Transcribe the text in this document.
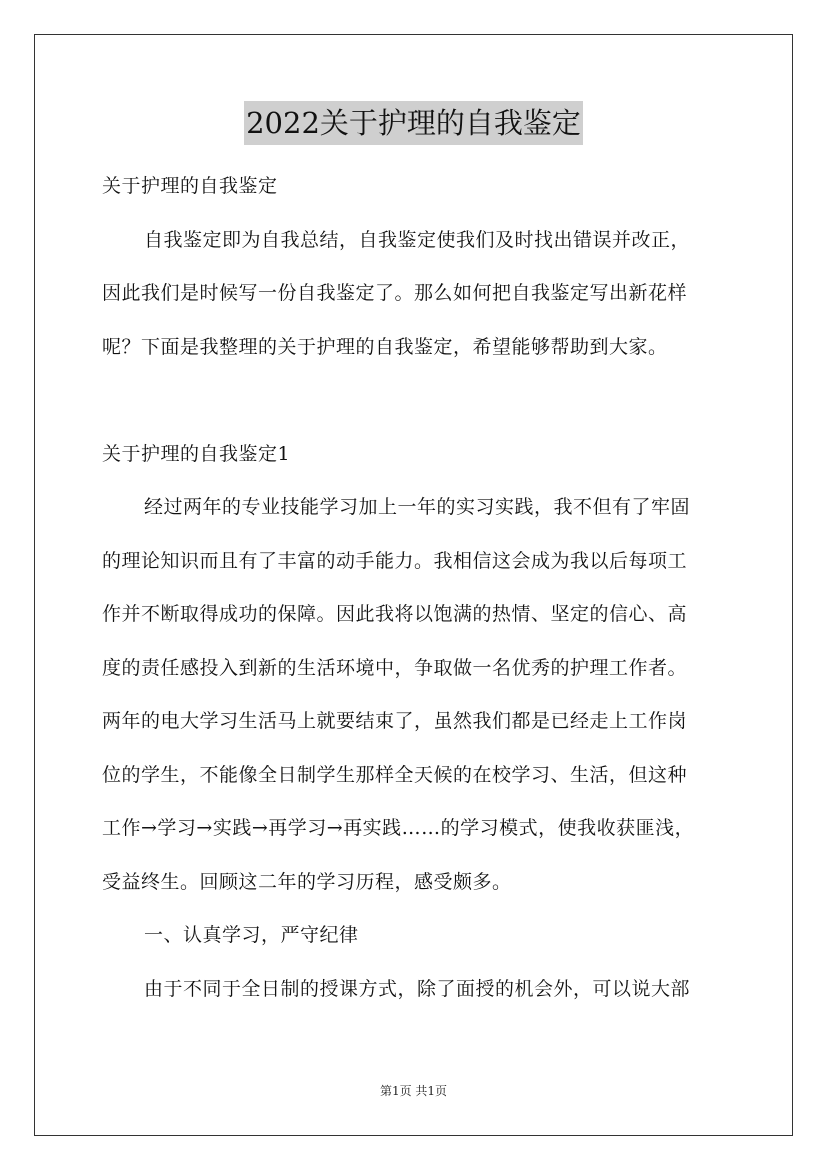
2022关于护理的自我鉴定
关于护理的自我鉴定
自我鉴定即为自我总结，自我鉴定使我们及时找出错误并改正，
因此我们是时候写一份自我鉴定了。那么如何把自我鉴定写出新花样
呢？下面是我整理的关于护理的自我鉴定，希望能够帮助到大家。
关于护理的自我鉴定1
经过两年的专业技能学习加上一年的实习实践，我不但有了牢固
的理论知识而且有了丰富的动手能力。我相信这会成为我以后每项工
作并不断取得成功的保障。因此我将以饱满的热情、坚定的信心、高
度的责任感投入到新的生活环境中，争取做一名优秀的护理工作者。
两年的电大学习生活马上就要结束了，虽然我们都是已经走上工作岗
位的学生，不能像全日制学生那样全天候的在校学习、生活，但这种
工作→学习→实践→再学习→再实践……的学习模式，使我收获匪浅，
受益终生。回顾这二年的学习历程，感受颇多。
一、认真学习，严守纪律
由于不同于全日制的授课方式，除了面授的机会外，可以说大部
第1页 共1页
